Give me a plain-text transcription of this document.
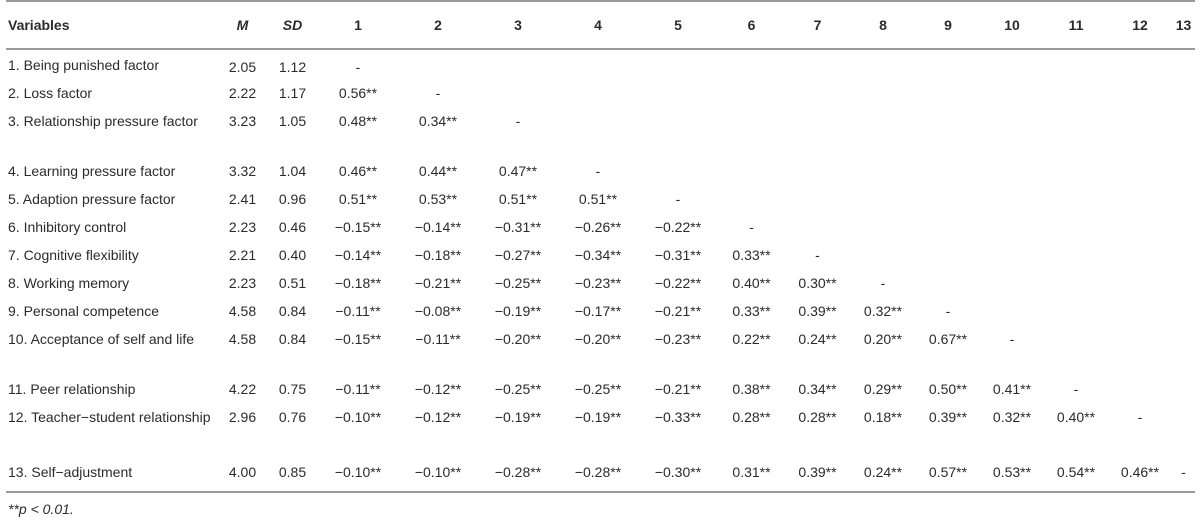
Variables	M	SD	1	2	3	4	5	6	7	8	9	10	11	12	13
1. Being punished factor	2.05	1.12	-												
2. Loss factor	2.22	1.17	0.56**	-											
3. Relationship pressure factor	3.23	1.05	0.48**	0.34**	-										
4. Learning pressure factor	3.32	1.04	0.46**	0.44**	0.47**	-									
5. Adaption pressure factor	2.41	0.96	0.51**	0.53**	0.51**	0.51**	-								
6. Inhibitory control	2.23	0.46	−0.15**	−0.14**	−0.31**	−0.26**	−0.22**	-							
7. Cognitive flexibility	2.21	0.40	−0.14**	−0.18**	−0.27**	−0.34**	−0.31**	0.33**	-						
8. Working memory	2.23	0.51	−0.18**	−0.21**	−0.25**	−0.23**	−0.22**	0.40**	0.30**	-					
9. Personal competence	4.58	0.84	−0.11**	−0.08**	−0.19**	−0.17**	−0.21**	0.33**	0.39**	0.32**	-				
10. Acceptance of self and life	4.58	0.84	−0.15**	−0.11**	−0.20**	−0.20**	−0.23**	0.22**	0.24**	0.20**	0.67**	-			
11. Peer relationship	4.22	0.75	−0.11**	−0.12**	−0.25**	−0.25**	−0.21**	0.38**	0.34**	0.29**	0.50**	0.41**	-		
12. Teacher−student relationship	2.96	0.76	−0.10**	−0.12**	−0.19**	−0.19**	−0.33**	0.28**	0.28**	0.18**	0.39**	0.32**	0.40**	-	
13. Self−adjustment	4.00	0.85	−0.10**	−0.10**	−0.28**	−0.28**	−0.30**	0.31**	0.39**	0.24**	0.57**	0.53**	0.54**	0.46**	-
**p < 0.01.
